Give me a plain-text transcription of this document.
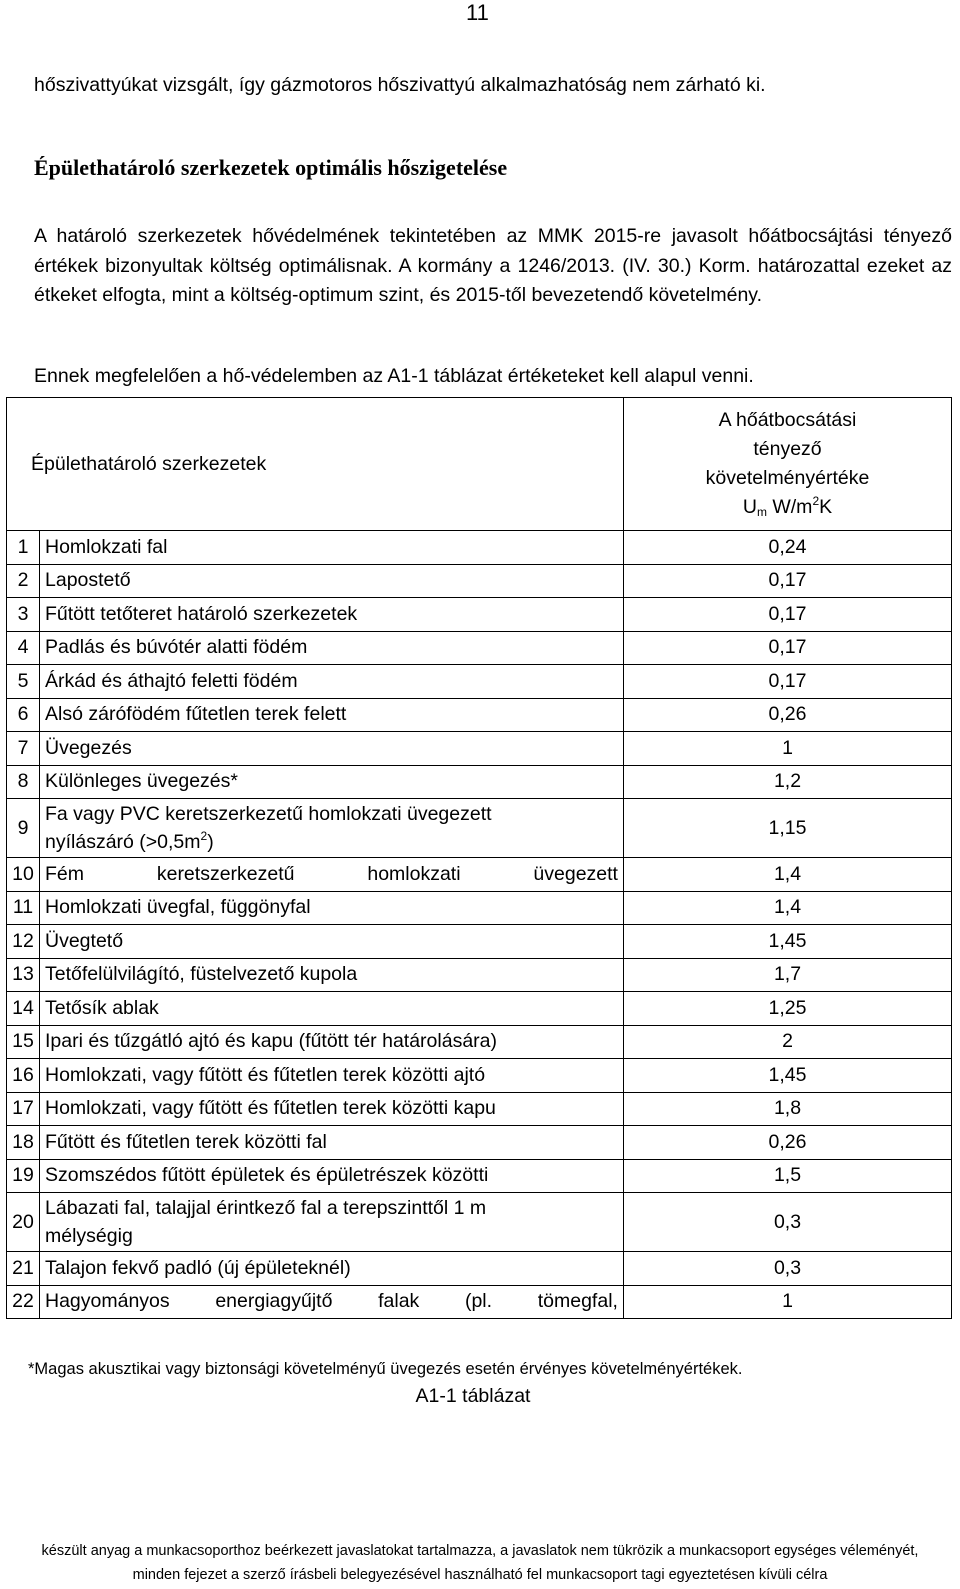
11
hőszivattyúkat vizsgált, így gázmotoros hőszivattyú alkalmazhatóság nem zárható ki.
Épülethatároló szerkezetek optimális hőszigetelése
A határoló szerkezetek hővédelmének tekintetében az MMK 2015-re javasolt hőátbocsájtási tényező értékek bizonyultak költség optimálisnak. A kormány a 1246/2013. (IV. 30.) Korm. határozattal ezeket az étkeket elfogta, mint a költség-optimum szint, és 2015-től bevezetendő követelmény.
Ennek megfelelően a hő-védelemben az A1-1 táblázat értéketeket kell alapul venni.
Épülethatároló szerkezetek		A hőátbocsátási
tényező
követelményértéke
$U_m$ $W/m^2K$

1	Homlokzati fal	0,24
2	Lapostető	0,17
3	Fűtött tetőteret határoló szerkezetek	0,17
4	Padlás és búvótér alatti födém	0,17
5	Árkád és áthajtó feletti födém	0,17
6	Alsó zárófödém fűtetlen terek felett	0,26
7	Üvegezés	1
8	Különleges üvegezés*	1,2
9	Fa vagy PVC keretszerkezetű homlokzati üvegezett
nyílászáró $(>0,5m^2)$	1,15
10	Fém keretszerkezetű homlokzati üvegezett	1,4
11	Homlokzati üvegfal, függönyfal	1,4
12	Üvegtető	1,45
13	Tetőfelülvilágító, füstelvezető kupola	1,7
14	Tetősík ablak	1,25
15	Ipari és tűzgátló ajtó és kapu (fűtött tér határolására)	2
16	Homlokzati, vagy fűtött és fűtetlen terek közötti ajtó	1,45
17	Homlokzati, vagy fűtött és fűtetlen terek közötti kapu	1,8
18	Fűtött és fűtetlen terek közötti fal	0,26
19	Szomszédos fűtött épületek és épületrészek közötti	1,5
20	Lábazati fal, talajjal érintkező fal a terepszinttől 1 m
mélységig	0,3
21	Talajon fekvő padló (új épületeknél)	0,3
22	Hagyományos energiagyűjtő falak (pl. tömegfal,	1
*Magas akusztikai vagy biztonsági követelményű üvegezés esetén érvényes követelményértékek.
A1-1 táblázat
készült anyag a munkacsoporthoz beérkezett javaslatokat tartalmazza, a javaslatok nem tükrözik a munkacsoport egységes véleményét,
minden fejezet a szerző írásbeli belegyezésével használható fel munkacsoport tagi egyeztetésen kívüli célra
